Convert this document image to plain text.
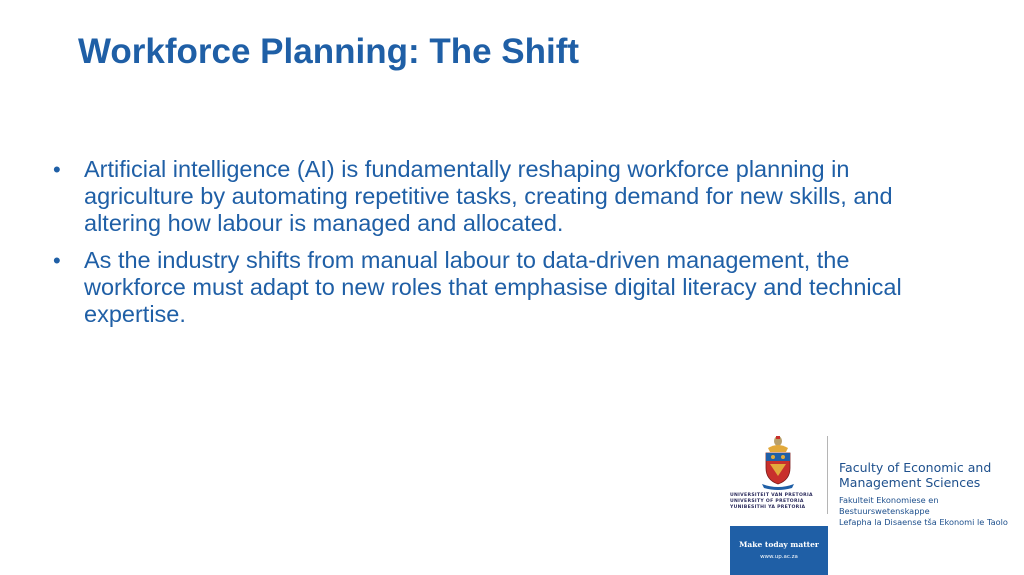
Workforce Planning: The Shift
• Artificial intelligence (AI) is fundamentally reshaping workforce planning in agriculture by automating repetitive tasks, creating demand for new skills, and altering how labour is managed and allocated.
• As the industry shifts from manual labour to data-driven management, the workforce must adapt to new roles that emphasise digital literacy and technical expertise.
UNIVERSITEIT VAN PRETORIA
UNIVERSITY OF PRETORIA
YUNIBESITHI YA PRETORIA
Faculty of Economic and
Management Sciences
Fakulteit Ekonomiese en Bestuurswetenskappe
Lefapha la Disaense tša Ekonomi le Taolo
Make today matter
www.up.ac.za
